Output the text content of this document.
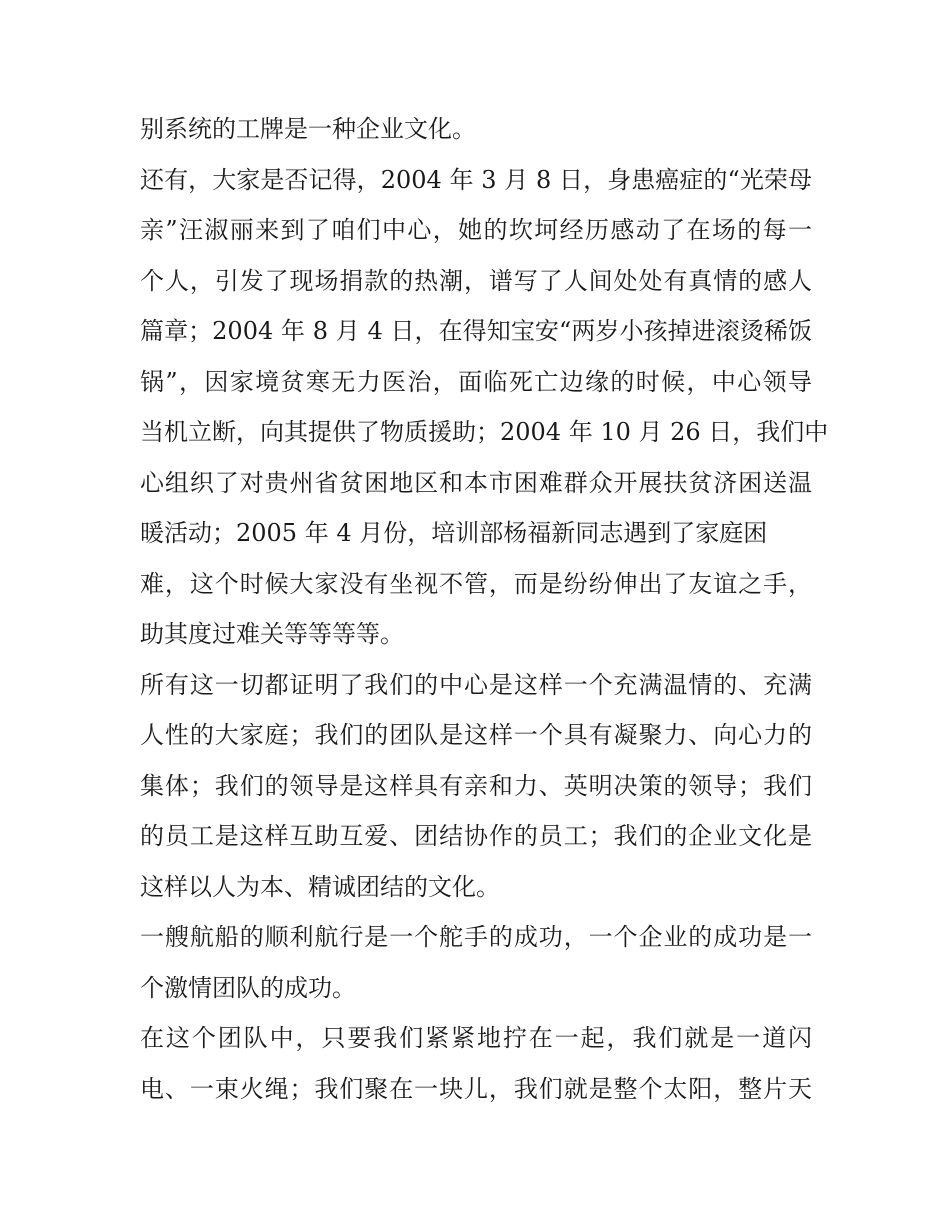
别系统的工牌是一种企业文化。
还有，大家是否记得，2004 年 3 月 8 日，身患癌症的“光荣母
亲”汪淑丽来到了咱们中心，她的坎坷经历感动了在场的每一
个人，引发了现场捐款的热潮，谱写了人间处处有真情的感人
篇章；2004 年 8 月 4 日，在得知宝安“两岁小孩掉进滚烫稀饭
锅”，因家境贫寒无力医治，面临死亡边缘的时候，中心领导
当机立断，向其提供了物质援助；2004 年 10 月 26 日，我们中
心组织了对贵州省贫困地区和本市困难群众开展扶贫济困送温
暖活动；2005 年 4 月份，培训部杨福新同志遇到了家庭困
难，这个时候大家没有坐视不管，而是纷纷伸出了友谊之手，
助其度过难关等等等等。
所有这一切都证明了我们的中心是这样一个充满温情的、充满
人性的大家庭；我们的团队是这样一个具有凝聚力、向心力的
集体；我们的领导是这样具有亲和力、英明决策的领导；我们
的员工是这样互助互爱、团结协作的员工；我们的企业文化是
这样以人为本、精诚团结的文化。
一艘航船的顺利航行是一个舵手的成功，一个企业的成功是一
个激情团队的成功。
在这个团队中，只要我们紧紧地拧在一起，我们就是一道闪
电、一束火绳；我们聚在一块儿，我们就是整个太阳，整片天
